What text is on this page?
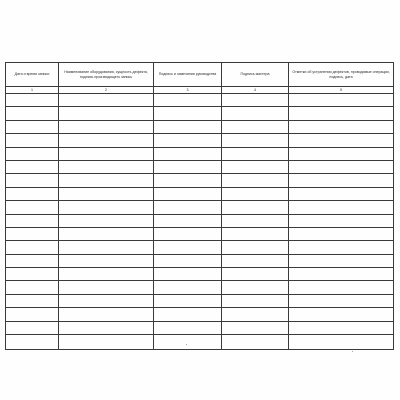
Дата и время записи	Наименование оборудования, сущность дефекта, подпись производящего запись	Подпись и замечания руководства	Подпись мастера	Отметки об устранении дефектов, проводимые операции, подпись, дата
1	2	3	4	5
